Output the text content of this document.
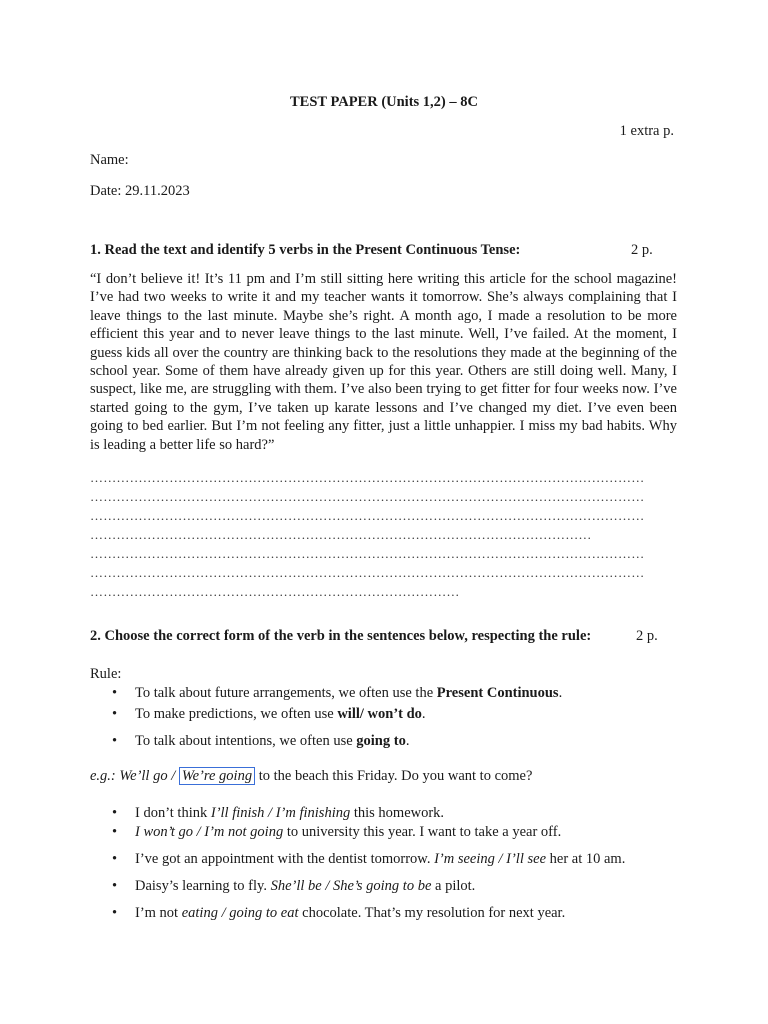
TEST PAPER (Units 1,2) – 8C
1 extra p.
Name:
Date: 29.11.2023
1. Read the text and identify 5 verbs in the Present Continuous Tense:	2 p.
“I don’t believe it! It’s 11 pm and I’m still sitting here writing this article for the school magazine! I’ve had two weeks to write it and my teacher wants it tomorrow. She’s always complaining that I leave things to the last minute. Maybe she’s right. A month ago, I made a resolution to be more efficient this year and to never leave things to the last minute. Well, I’ve failed. At the moment, I guess kids all over the country are thinking back to the resolutions they made at the beginning of the school year. Some of them have already given up for this year. Others are still doing well. Many, I suspect, like me, are struggling with them. I’ve also been trying to get fitter for four weeks now. I’ve started going to the gym, I’ve taken up karate lessons and I’ve changed my diet. I’ve even been going to bed earlier. But I’m not feeling any fitter, just a little unhappier. I miss my bad habits. Why is leading a better life so hard?”
………………………………………………………………………………………………………………
………………………………………………………………………………………………………………
………………………………………………………………………………………………………………
……………………………………………………………………………………………………
………………………………………………………………………………………………………………
………………………………………………………………………………………………………………
…………………………………………………………………………
2. Choose the correct form of the verb in the sentences below, respecting the rule:	2 p.
Rule:
• To talk about future arrangements, we often use the Present Continuous.
• To make predictions, we often use will/ won’t do.
• To talk about intentions, we often use going to.
e.g.: We’ll go / We’re going to the beach this Friday. Do you want to come?
• I don’t think I’ll finish / I’m finishing this homework.
• I won’t go / I’m not going to university this year. I want to take a year off.
• I’ve got an appointment with the dentist tomorrow. I’m seeing / I’ll see her at 10 am.
• Daisy’s learning to fly. She’ll be / She’s going to be a pilot.
• I’m not eating / going to eat chocolate. That’s my resolution for next year.
